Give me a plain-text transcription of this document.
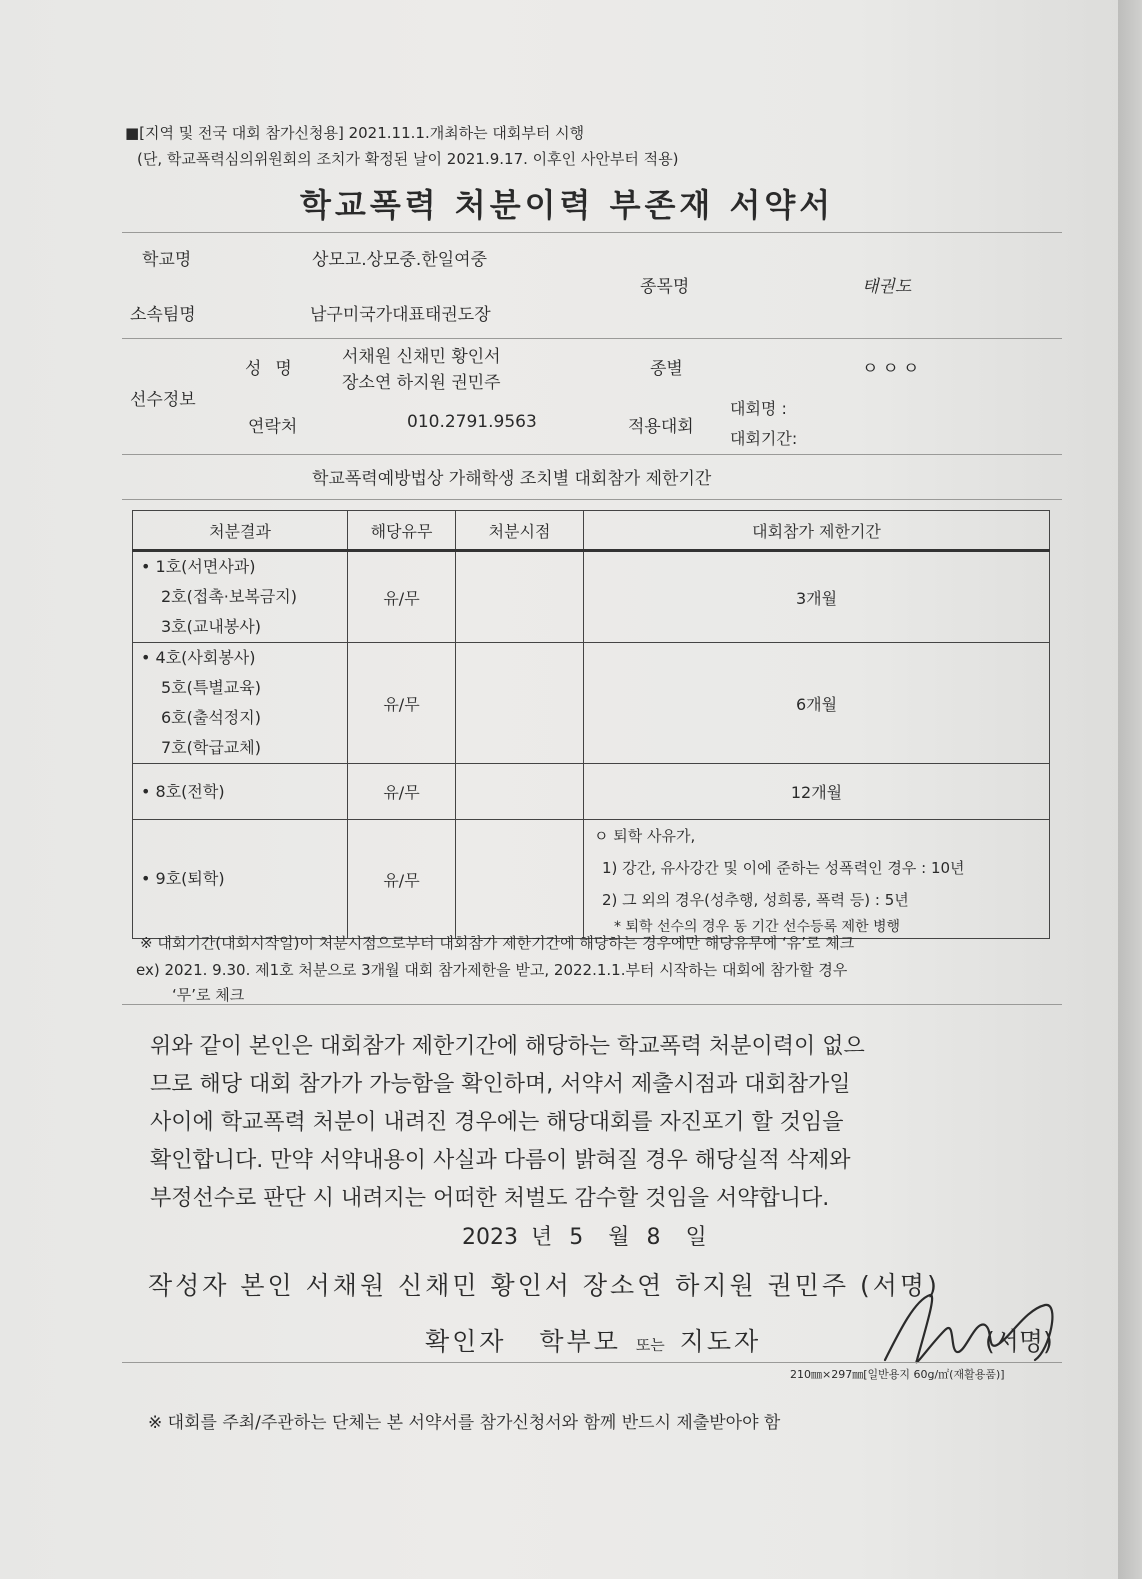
■[지역 및 전국 대회 참가신청용] 2021.11.1.개최하는 대회부터 시행
(단, 학교폭력심의위원회의 조치가 확정된 날이 2021.9.17. 이후인 사안부터 적용)
학교폭력 처분이력 부존재 서약서
학교명	상모고.상모중.한일여중
종목명	태권도
소속팀명	남구미국가대표태권도장
성명
서채원 신채민 황인서
장소연 하지원 권민주
종별	ㅇㅇㅇ
선수정보
연락처	010.2791.9563	적용대회
대회명 :
대회기간:
학교폭력예방법상 가해학생 조치별 대회참가 제한기간
처분결과	해당유무	처분시점	대회참가 제한기간

• 1호(서면사과)
2호(접촉·보복금지)
3호(교내봉사)	유/무		3개월

• 4호(사회봉사)
5호(특별교육)
6호(출석정지)
7호(학급교체)	유/무		6개월

• 8호(전학)	유/무		12개월

• 9호(퇴학)	유/무		ㅇ 퇴학 사유가,
1) 강간, 유사강간 및 이에 준하는 성폭력인 경우 : 10년
2) 그 외의 경우(성추행, 성희롱, 폭력 등) : 5년
* 퇴학 선수의 경우 동 기간 선수등록 제한 병행
※ 대회기간(대회시작일)이 처분시점으로부터 대회참가 제한기간에 해당하는 경우에만 해당유무에 ‘유’로 체크
ex) 2021. 9.30. 제1호 처분으로 3개월 대회 참가제한을 받고, 2022.1.1.부터 시작하는 대회에 참가할 경우
‘무’로 체크
위와 같이 본인은 대회참가 제한기간에 해당하는 학교폭력 처분이력이 없으
므로 해당 대회 참가가 가능함을 확인하며, 서약서 제출시점과 대회참가일
사이에 학교폭력 처분이 내려진 경우에는 해당대회를 자진포기 할 것임을
확인합니다. 만약 서약내용이 사실과 다름이 밝혀질 경우 해당실적 삭제와
부정선수로 판단 시 내려지는 어떠한 처벌도 감수할 것임을 서약합니다.
2023 년 5 월 8 일
작성자 본인 서채원 신채민 황인서 장소연 하지원 권민주 (서명)
확인자 학부모 또는 지도자	(서명)
210㎜×297㎜[일반용지 60g/㎡(재활용품)]
※ 대회를 주최/주관하는 단체는 본 서약서를 참가신청서와 함께 반드시 제출받아야 함
